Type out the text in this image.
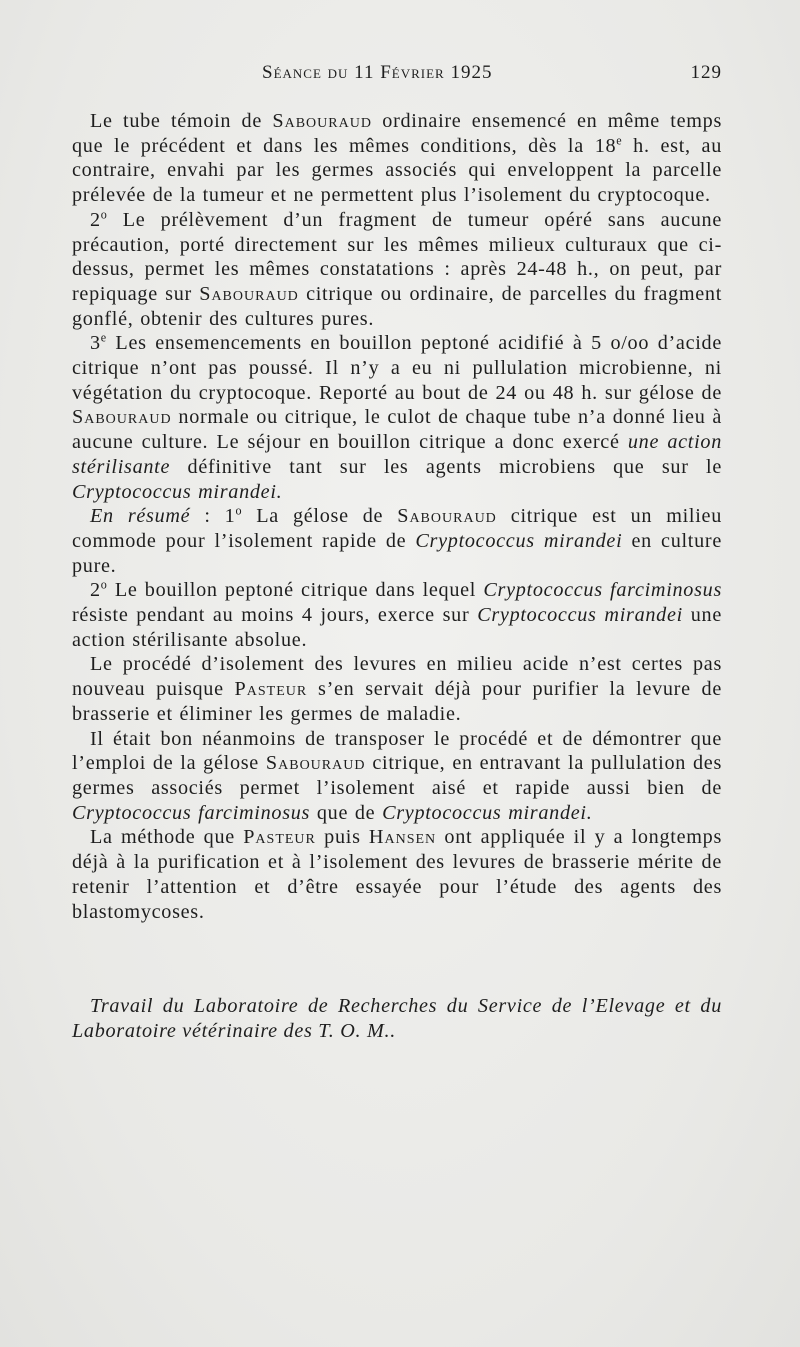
Séance du 11 Février 1925	129

Le tube témoin de Sabouraud ordinaire ensemencé en même temps que le précédent et dans les mêmes conditions, dès la 18e h. est, au contraire, envahi par les germes associés qui enveloppent la parcelle prélevée de la tumeur et ne permettent plus l’isolement du cryptocoque.

2$^o$ Le prélèvement d’un fragment de tumeur opéré sans aucune précaution, porté directement sur les mêmes milieux culturaux que ci-dessus, permet les mêmes constatations : après 24-48 h., on peut, par repiquage sur Sabouraud citrique ou ordinaire, de parcelles du fragment gonflé, obtenir des cultures pures.

3e Les ensemencements en bouillon peptoné acidifié à 5 o/oo d’acide citrique n’ont pas poussé. Il n’y a eu ni pullulation microbienne, ni végétation du cryptocoque. Reporté au bout de 24 ou 48 h. sur gélose de Sabouraud normale ou citrique, le culot de chaque tube n’a donné lieu à aucune culture. Le séjour en bouillon citrique a donc exercé une action stérilisante définitive tant sur les agents microbiens que sur le Cryptococcus mirandei.

En résumé : 1$^o$ La gélose de Sabouraud citrique est un milieu commode pour l’isolement rapide de Cryptococcus mirandei en culture pure.

2$^o$ Le bouillon peptoné citrique dans lequel Cryptococcus farciminosus résiste pendant au moins 4 jours, exerce sur Cryptococcus mirandei une action stérilisante absolue.

Le procédé d’isolement des levures en milieu acide n’est certes pas nouveau puisque Pasteur s’en servait déjà pour purifier la levure de brasserie et éliminer les germes de maladie.

Il était bon néanmoins de transposer le procédé et de démontrer que l’emploi de la gélose Sabouraud citrique, en entravant la pullulation des germes associés permet l’isolement aisé et rapide aussi bien de Cryptococcus farciminosus que de Cryptococcus mirandei.

La méthode que Pasteur puis Hansen ont appliquée il y a longtemps déjà à la purification et à l’isolement des levures de brasserie mérite de retenir l’attention et d’être essayée pour l’étude des agents des blastomycoses.

Travail du Laboratoire de Recherches du Service de l’Elevage et du Laboratoire vétérinaire des T. O. M..
